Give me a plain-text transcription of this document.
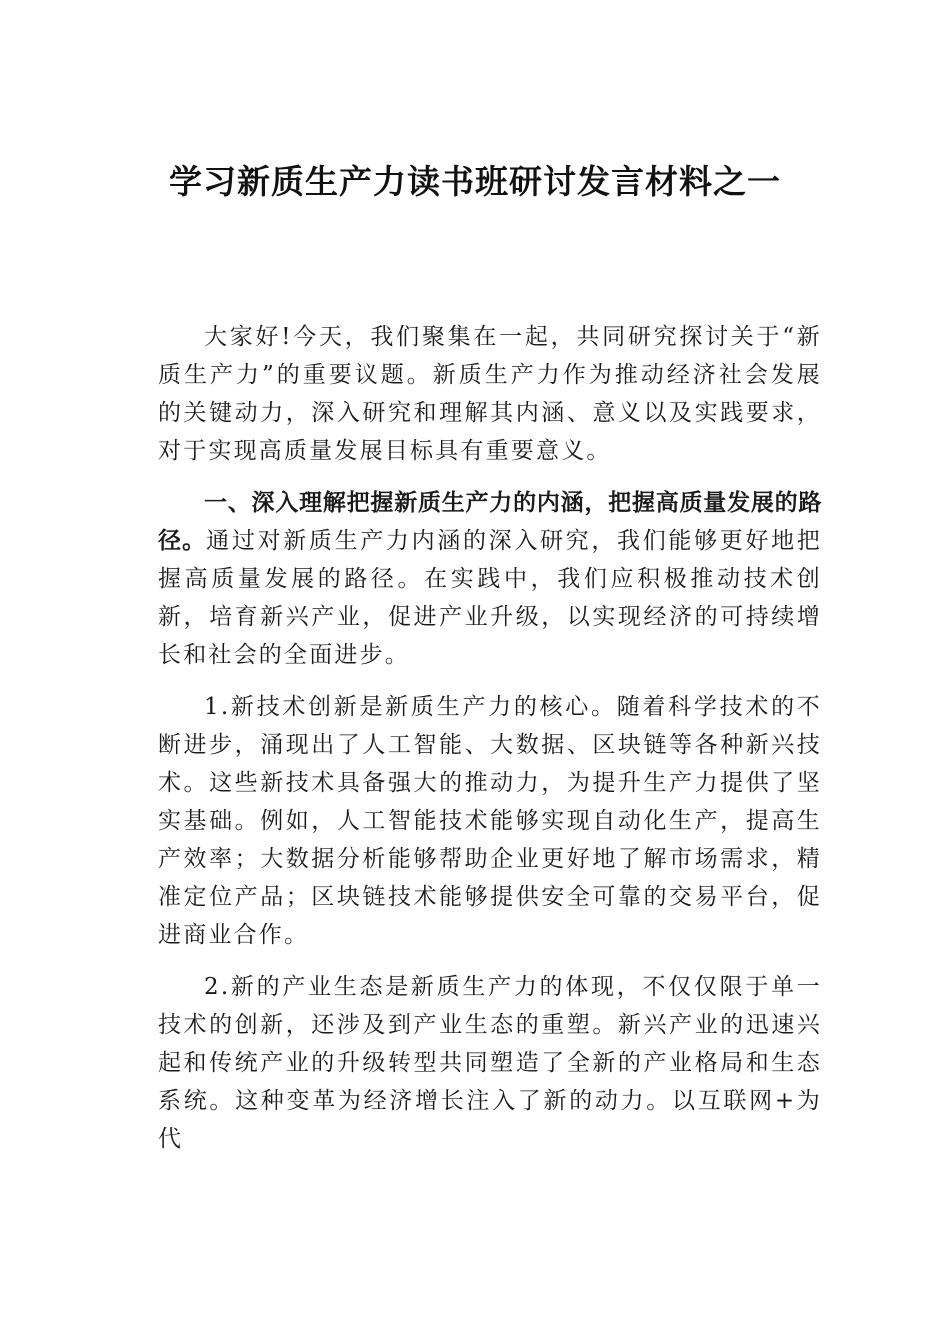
学习新质生产力读书班研讨发言材料之一

大家好!今天，我们聚集在一起，共同研究探讨关于“新质生产力”的重要议题。新质生产力作为推动经济社会发展的关键动力，深入研究和理解其内涵、意义以及实践要求，对于实现高质量发展目标具有重要意义。

一、深入理解把握新质生产力的内涵，把握高质量发展的路径。通过对新质生产力内涵的深入研究，我们能够更好地把握高质量发展的路径。在实践中，我们应积极推动技术创新，培育新兴产业，促进产业升级，以实现经济的可持续增长和社会的全面进步。

1.新技术创新是新质生产力的核心。随着科学技术的不断进步，涌现出了人工智能、大数据、区块链等各种新兴技术。这些新技术具备强大的推动力，为提升生产力提供了坚实基础。例如，人工智能技术能够实现自动化生产，提高生产效率；大数据分析能够帮助企业更好地了解市场需求，精准定位产品；区块链技术能够提供安全可靠的交易平台，促进商业合作。

2.新的产业生态是新质生产力的体现，不仅仅限于单一技术的创新，还涉及到产业生态的重塑。新兴产业的迅速兴起和传统产业的升级转型共同塑造了全新的产业格局和生态系统。这种变革为经济增长注入了新的动力。以互联网+为代
